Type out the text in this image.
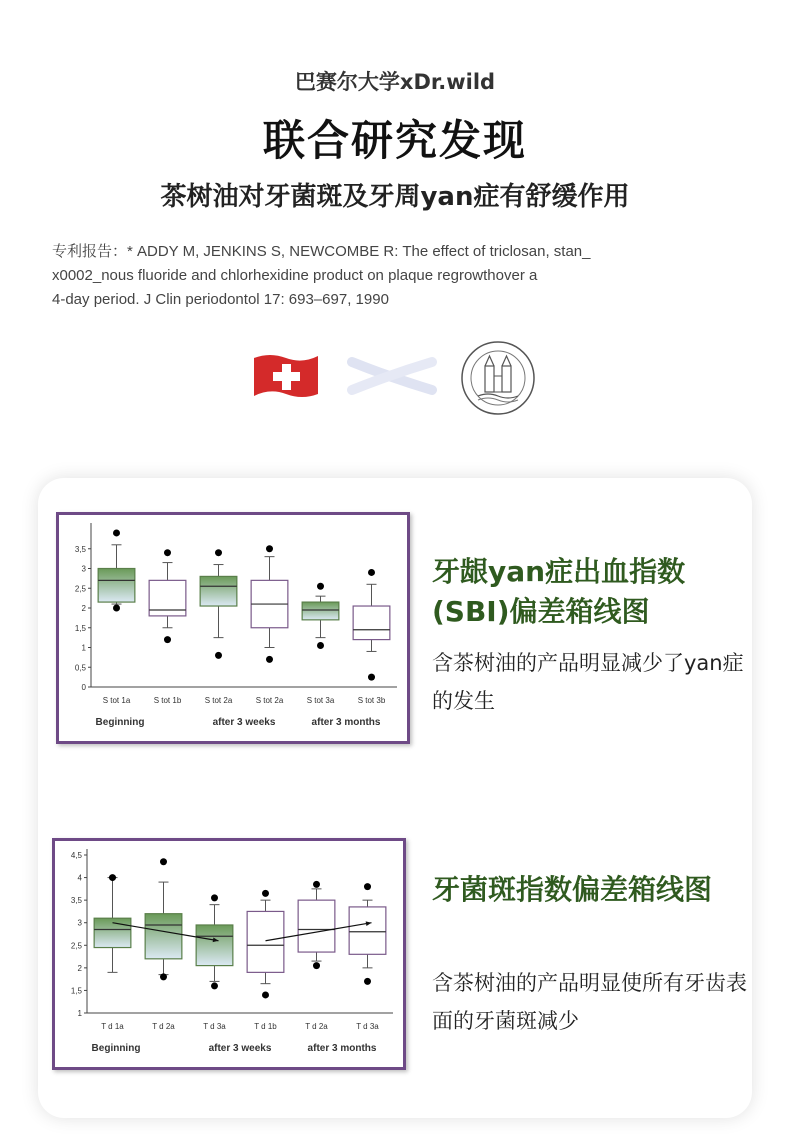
巴赛尔大学xDr.wild
联合研究发现
茶树油对牙菌斑及牙周yan症有舒缓作用
专利报告：* ADDY M, JENKINS S, NEWCOMBE R: The effect of triclosan, stan_
x0002_nous fluoride and chlorhexidine product on plaque regrowthover a
4-day period. J Clin periodontol 17: 693–697, 1990
0
0,5
1
1,5
2
2,5
3
3,5
S tot 1a	S tot 1b	S tot 2a	S tot 2a	S tot 3a	S tot 3b
Beginning	after 3 weeks	after 3 months
牙龈yan症出血指数(SBI)偏差箱线图
含茶树油的产品明显减少了yan症的发生
1
1,5
2
2,5
3
3,5
4
4,5
T d 1a	T d 2a	T d 3a	T d 1b	T d 2a	T d 3a
Beginning	after 3 weeks	after 3 months
牙菌斑指数偏差箱线图
含茶树油的产品明显使所有牙齿表面的牙菌斑减少
